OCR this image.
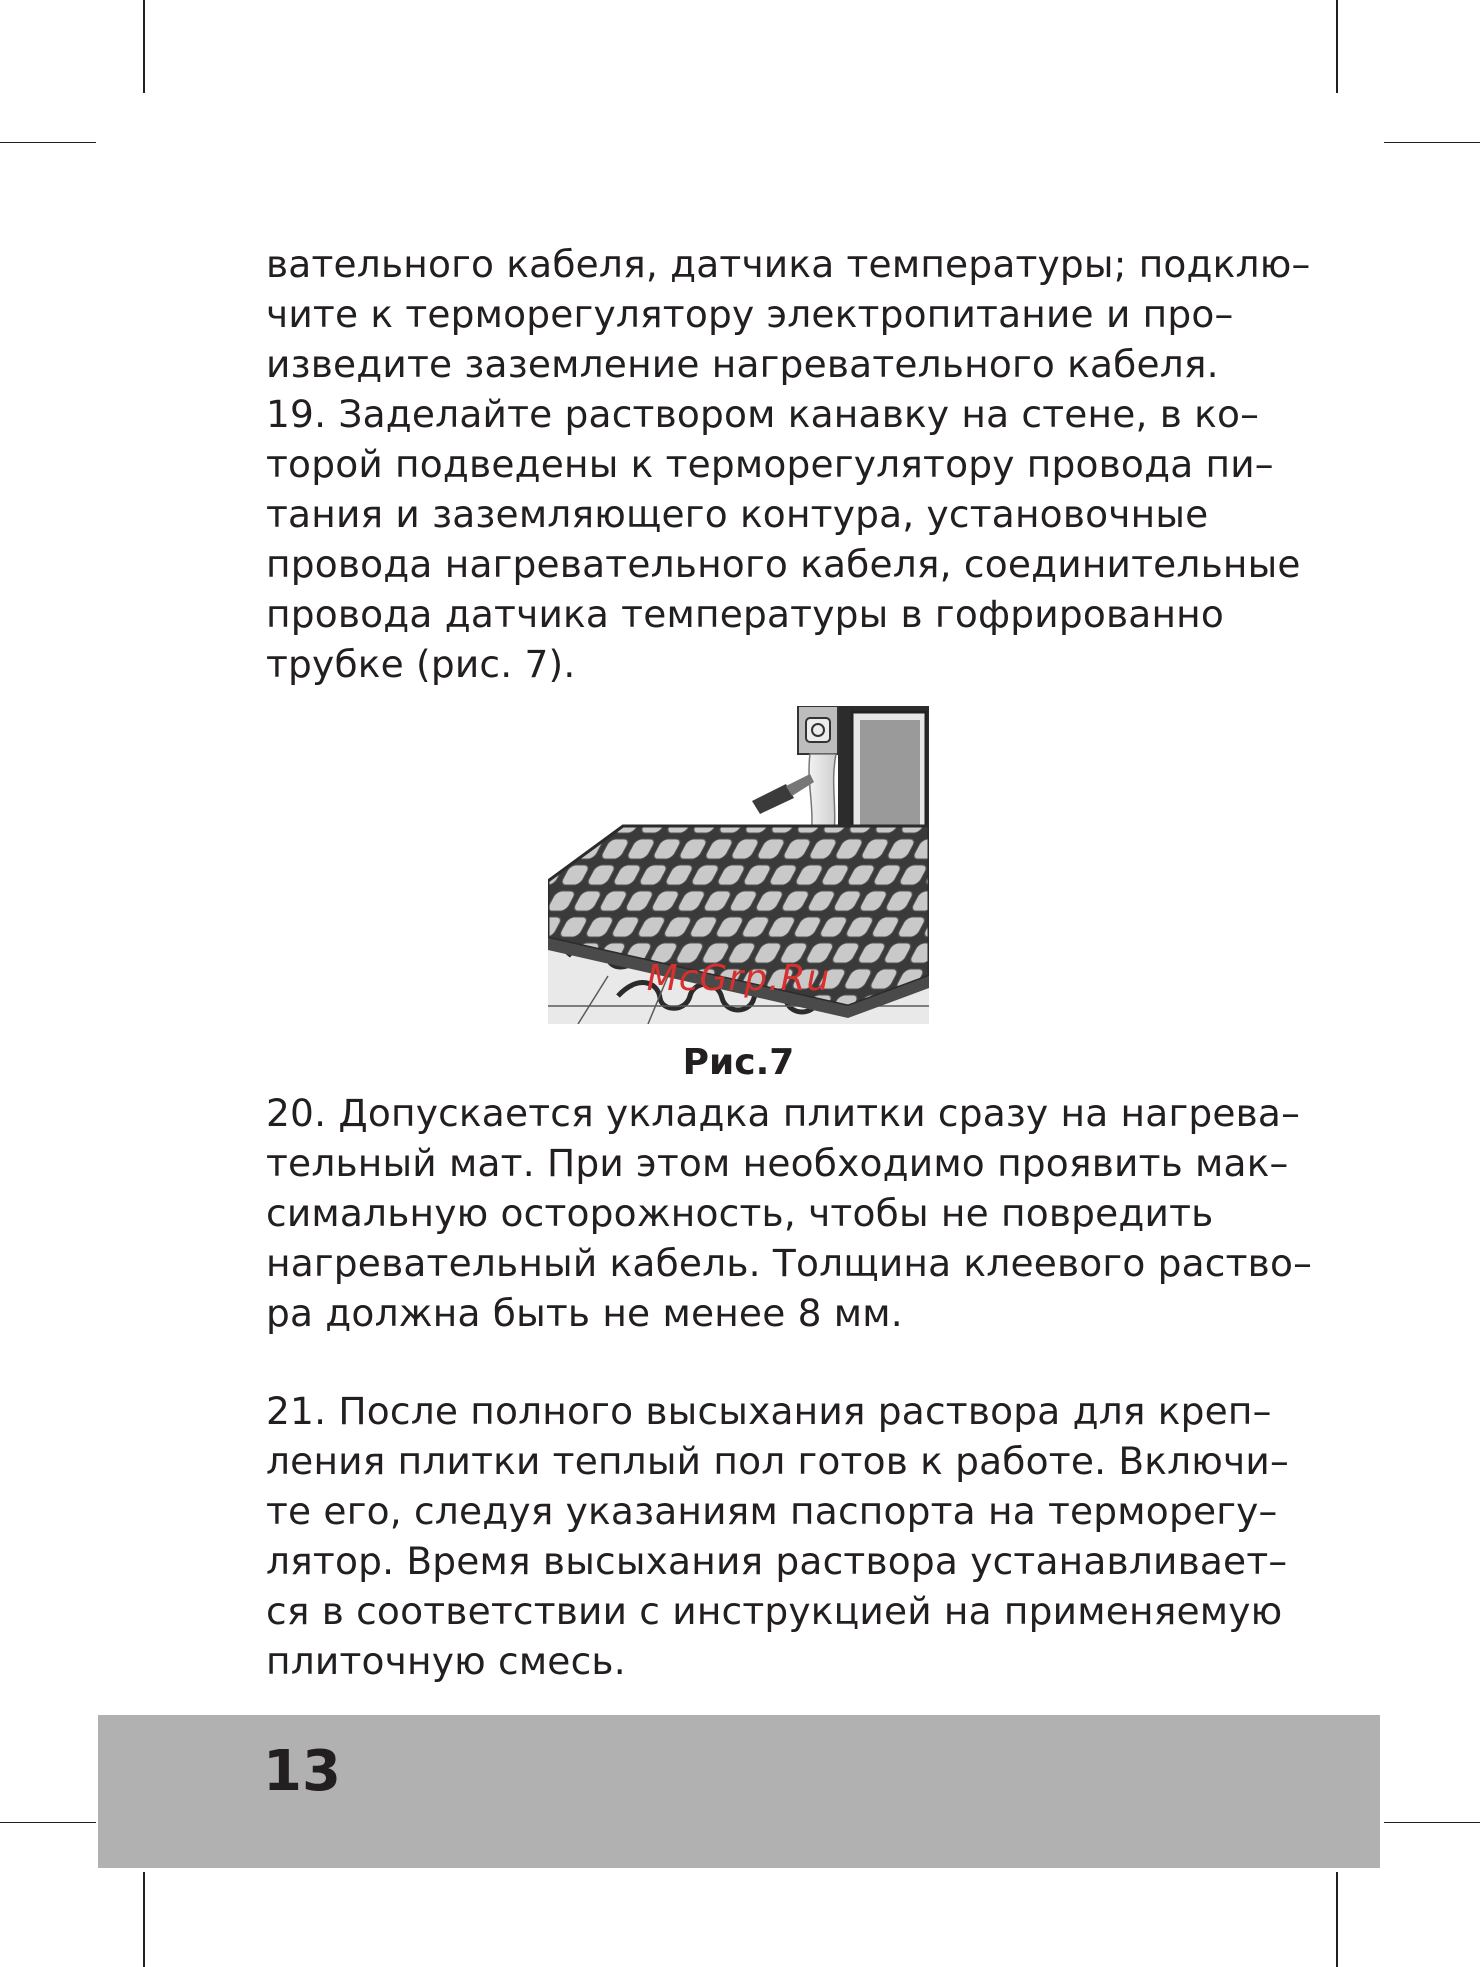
вательного кабеля, датчика температуры; подклю–
чите к терморегулятору электропитание и про–
изведите заземление нагревательного кабеля.
19. Заделайте раствором канавку на стене, в ко–
торой подведены к терморегулятору провода пи–
тания и заземляющего контура, установочные
провода нагревательного кабеля, соединительные
провода датчика температуры в гофрированно
трубке (рис. 7).
McGrp.Ru
Рис.7
20. Допускается укладка плитки сразу на нагрева–
тельный мат. При этом необходимо проявить мак–
симальную осторожность, чтобы не повредить
нагревательный кабель. Толщина клеевого раство–
ра должна быть не менее 8 мм.
21. После полного высыхания раствора для креп–
ления плитки теплый пол готов к работе. Включи–
те его, следуя указаниям паспорта на терморегу–
лятор. Время высыхания раствора устанавливает–
ся в соответствии с инструкцией на применяемую
плиточную смесь.
13
